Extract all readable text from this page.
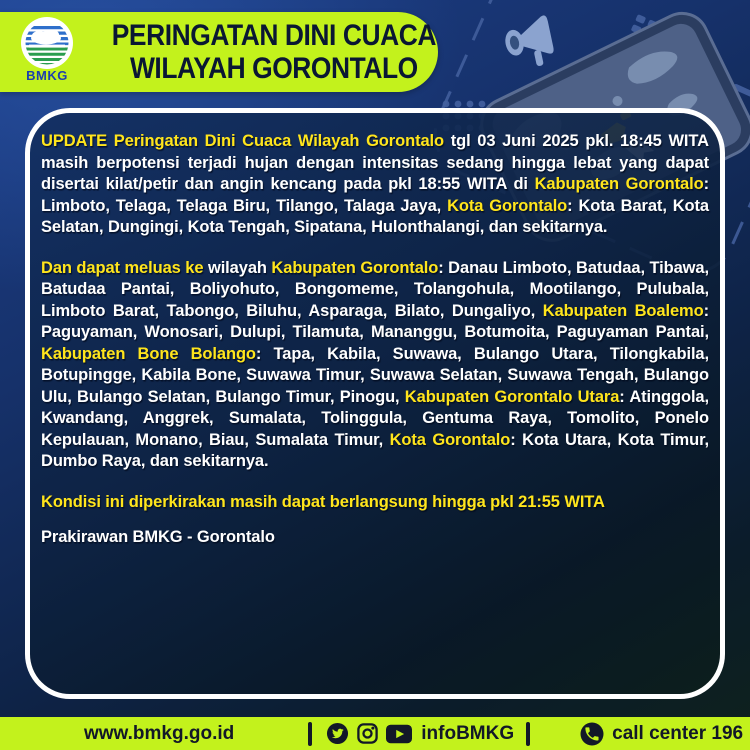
BMKG
PERINGATAN DINI CUACA
WILAYAH GORONTALO

UPDATE Peringatan Dini Cuaca Wilayah Gorontalo tgl 03 Juni 2025 pkl. 18:45 WITA masih berpotensi terjadi hujan dengan intensitas sedang hingga lebat yang dapat disertai kilat/petir dan angin kencang pada pkl 18:55 WITA di Kabupaten Gorontalo: Limboto, Telaga, Telaga Biru, Tilango, Talaga Jaya, Kota Gorontalo: Kota Barat, Kota Selatan, Dungingi, Kota Tengah, Sipatana, Hulonthalangi, dan sekitarnya.

Dan dapat meluas ke wilayah Kabupaten Gorontalo: Danau Limboto, Batudaa, Tibawa, Batudaa Pantai, Boliyohuto, Bongomeme, Tolangohula, Mootilango, Pulubala, Limboto Barat, Tabongo, Biluhu, Asparaga, Bilato, Dungaliyo, Kabupaten Boalemo: Paguyaman, Wonosari, Dulupi, Tilamuta, Mananggu, Botumoita, Paguyaman Pantai, Kabupaten Bone Bolango: Tapa, Kabila, Suwawa, Bulango Utara, Tilongkabila, Botupingge, Kabila Bone, Suwawa Timur, Suwawa Selatan, Suwawa Tengah, Bulango Ulu, Bulango Selatan, Bulango Timur, Pinogu, Kabupaten Gorontalo Utara: Atinggola, Kwandang, Anggrek, Sumalata, Tolinggula, Gentuma Raya, Tomolito, Ponelo Kepulauan, Monano, Biau, Sumalata Timur, Kota Gorontalo: Kota Utara, Kota Timur, Dumbo Raya, dan sekitarnya.

Kondisi ini diperkirakan masih dapat berlangsung hingga pkl 21:55 WITA

Prakirawan BMKG - Gorontalo

www.bmkg.go.id	infoBMKG	call center 196
